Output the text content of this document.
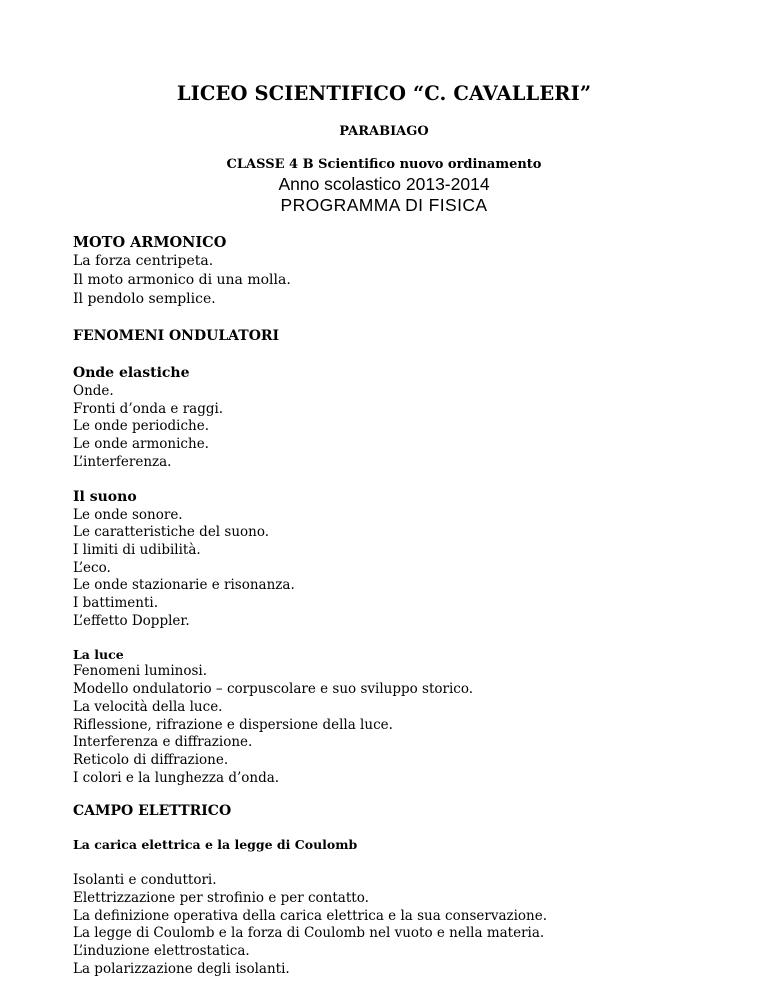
LICEO SCIENTIFICO “C. CAVALLERI”
PARABIAGO
CLASSE 4 B Scientifico nuovo ordinamento
Anno scolastico 2013-2014
PROGRAMMA DI FISICA
MOTO ARMONICO
La forza centripeta.
Il moto armonico di una molla.
Il pendolo semplice.
FENOMENI ONDULATORI
Onde elastiche
Onde.
Fronti d’onda e raggi.
Le onde periodiche.
Le onde armoniche.
L’interferenza.
Il suono
Le onde sonore.
Le caratteristiche del suono.
I limiti di udibilità.
L’eco.
Le onde stazionarie e risonanza.
I battimenti.
L’effetto Doppler.
La luce
Fenomeni luminosi.
Modello ondulatorio – corpuscolare e suo sviluppo storico.
La velocità della luce.
Riflessione, rifrazione e dispersione della luce.
Interferenza e diffrazione.
Reticolo di diffrazione.
I colori e la lunghezza d’onda.
CAMPO ELETTRICO
La carica elettrica e la legge di Coulomb
Isolanti e conduttori.
Elettrizzazione per strofinio e per contatto.
La definizione operativa della carica elettrica e la sua conservazione.
La legge di Coulomb e la forza di Coulomb nel vuoto e nella materia.
L’induzione elettrostatica.
La polarizzazione degli isolanti.
